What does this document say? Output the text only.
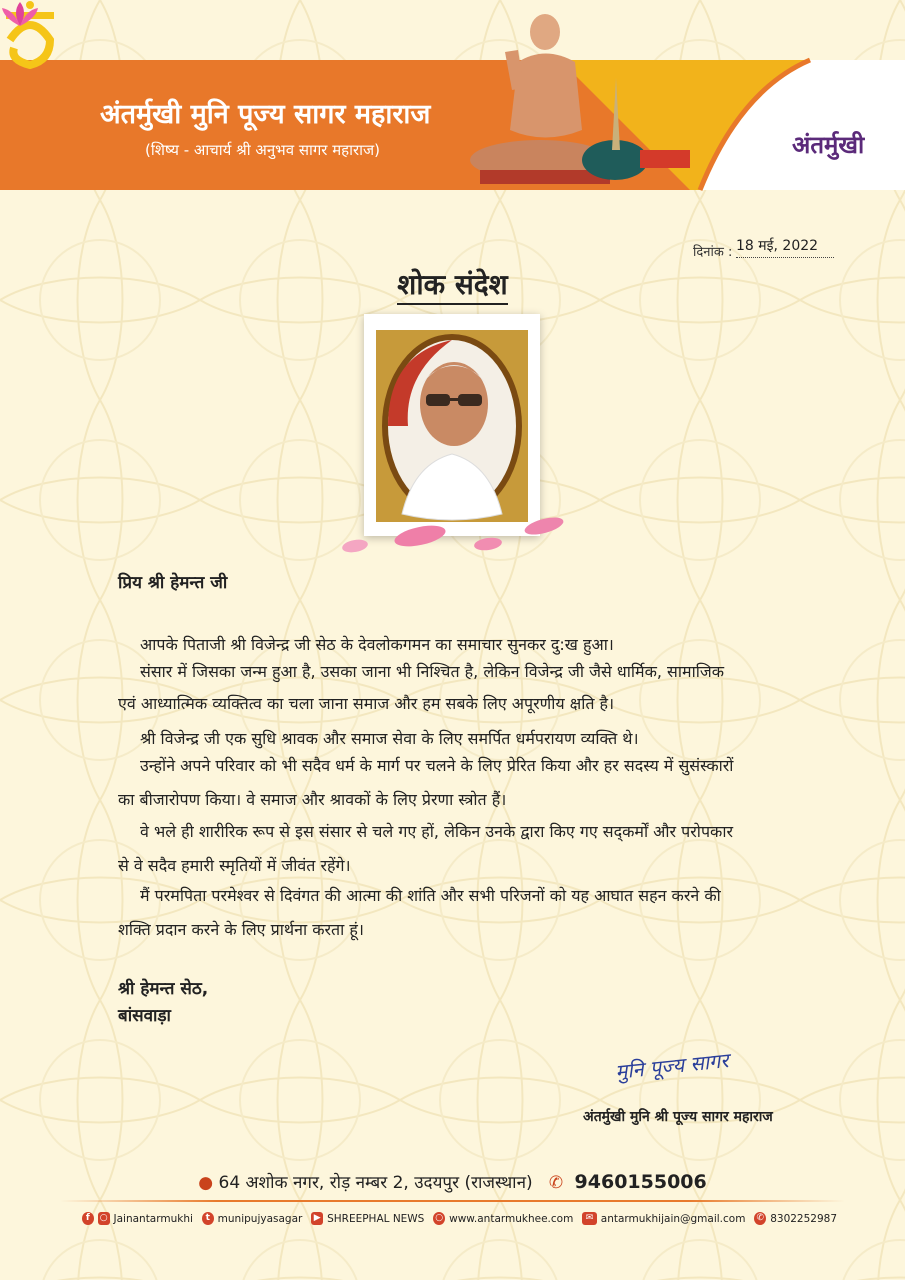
अंतर्मुखी मुनि पूज्य सागर महाराज
(शिष्य - आचार्य श्री अनुभव सागर महाराज)	अंतर्मुखी
दिनांक : 18 मई, 2022
शोक संदेश
प्रिय श्री हेमन्त जी
आपके पिताजी श्री विजेन्द्र जी सेठ के देवलोकगमन का समाचार सुनकर दु:ख हुआ।
संसार में जिसका जन्म हुआ है, उसका जाना भी निश्चित है, लेकिन विजेन्द्र जी जैसे धार्मिक, सामाजिक
एवं आध्यात्मिक व्यक्तित्व का चला जाना समाज और हम सबके लिए अपूरणीय क्षति है।
श्री विजेन्द्र जी एक सुधि श्रावक और समाज सेवा के लिए समर्पित धर्मपरायण व्यक्ति थे।
उन्होंने अपने परिवार को भी सदैव धर्म के मार्ग पर चलने के लिए प्रेरित किया और हर सदस्य में सुसंस्कारों
का बीजारोपण किया। वे समाज और श्रावकों के लिए प्रेरणा स्त्रोत हैं।
वे भले ही शारीरिक रूप से इस संसार से चले गए हों, लेकिन उनके द्वारा किए गए सद्‌कर्मों और परोपकार
से वे सदैव हमारी स्मृतियों में जीवंत रहेंगे।
मैं परमपिता परमेश्वर से दिवंगत की आत्मा की शांति और सभी परिजनों को यह आघात सहन करने की
शक्ति प्रदान करने के लिए प्रार्थना करता हूं।
श्री हेमन्त सेठ,
बांसवाड़ा
मुनि पूज्य सागर
अंतर्मुखी मुनि श्री पूज्य सागर महाराज
● 64 अशोक नगर, रोड़ नम्बर 2, उदयपुर (राजस्थान) ✆ 9460155006
f	○ Jainantarmukhi	t munipujyasagar ▶ SHREEPHAL NEWS ○ www.antarmukhee.com	✉ antarmukhijain@gmail.com ✆ 8302252987
